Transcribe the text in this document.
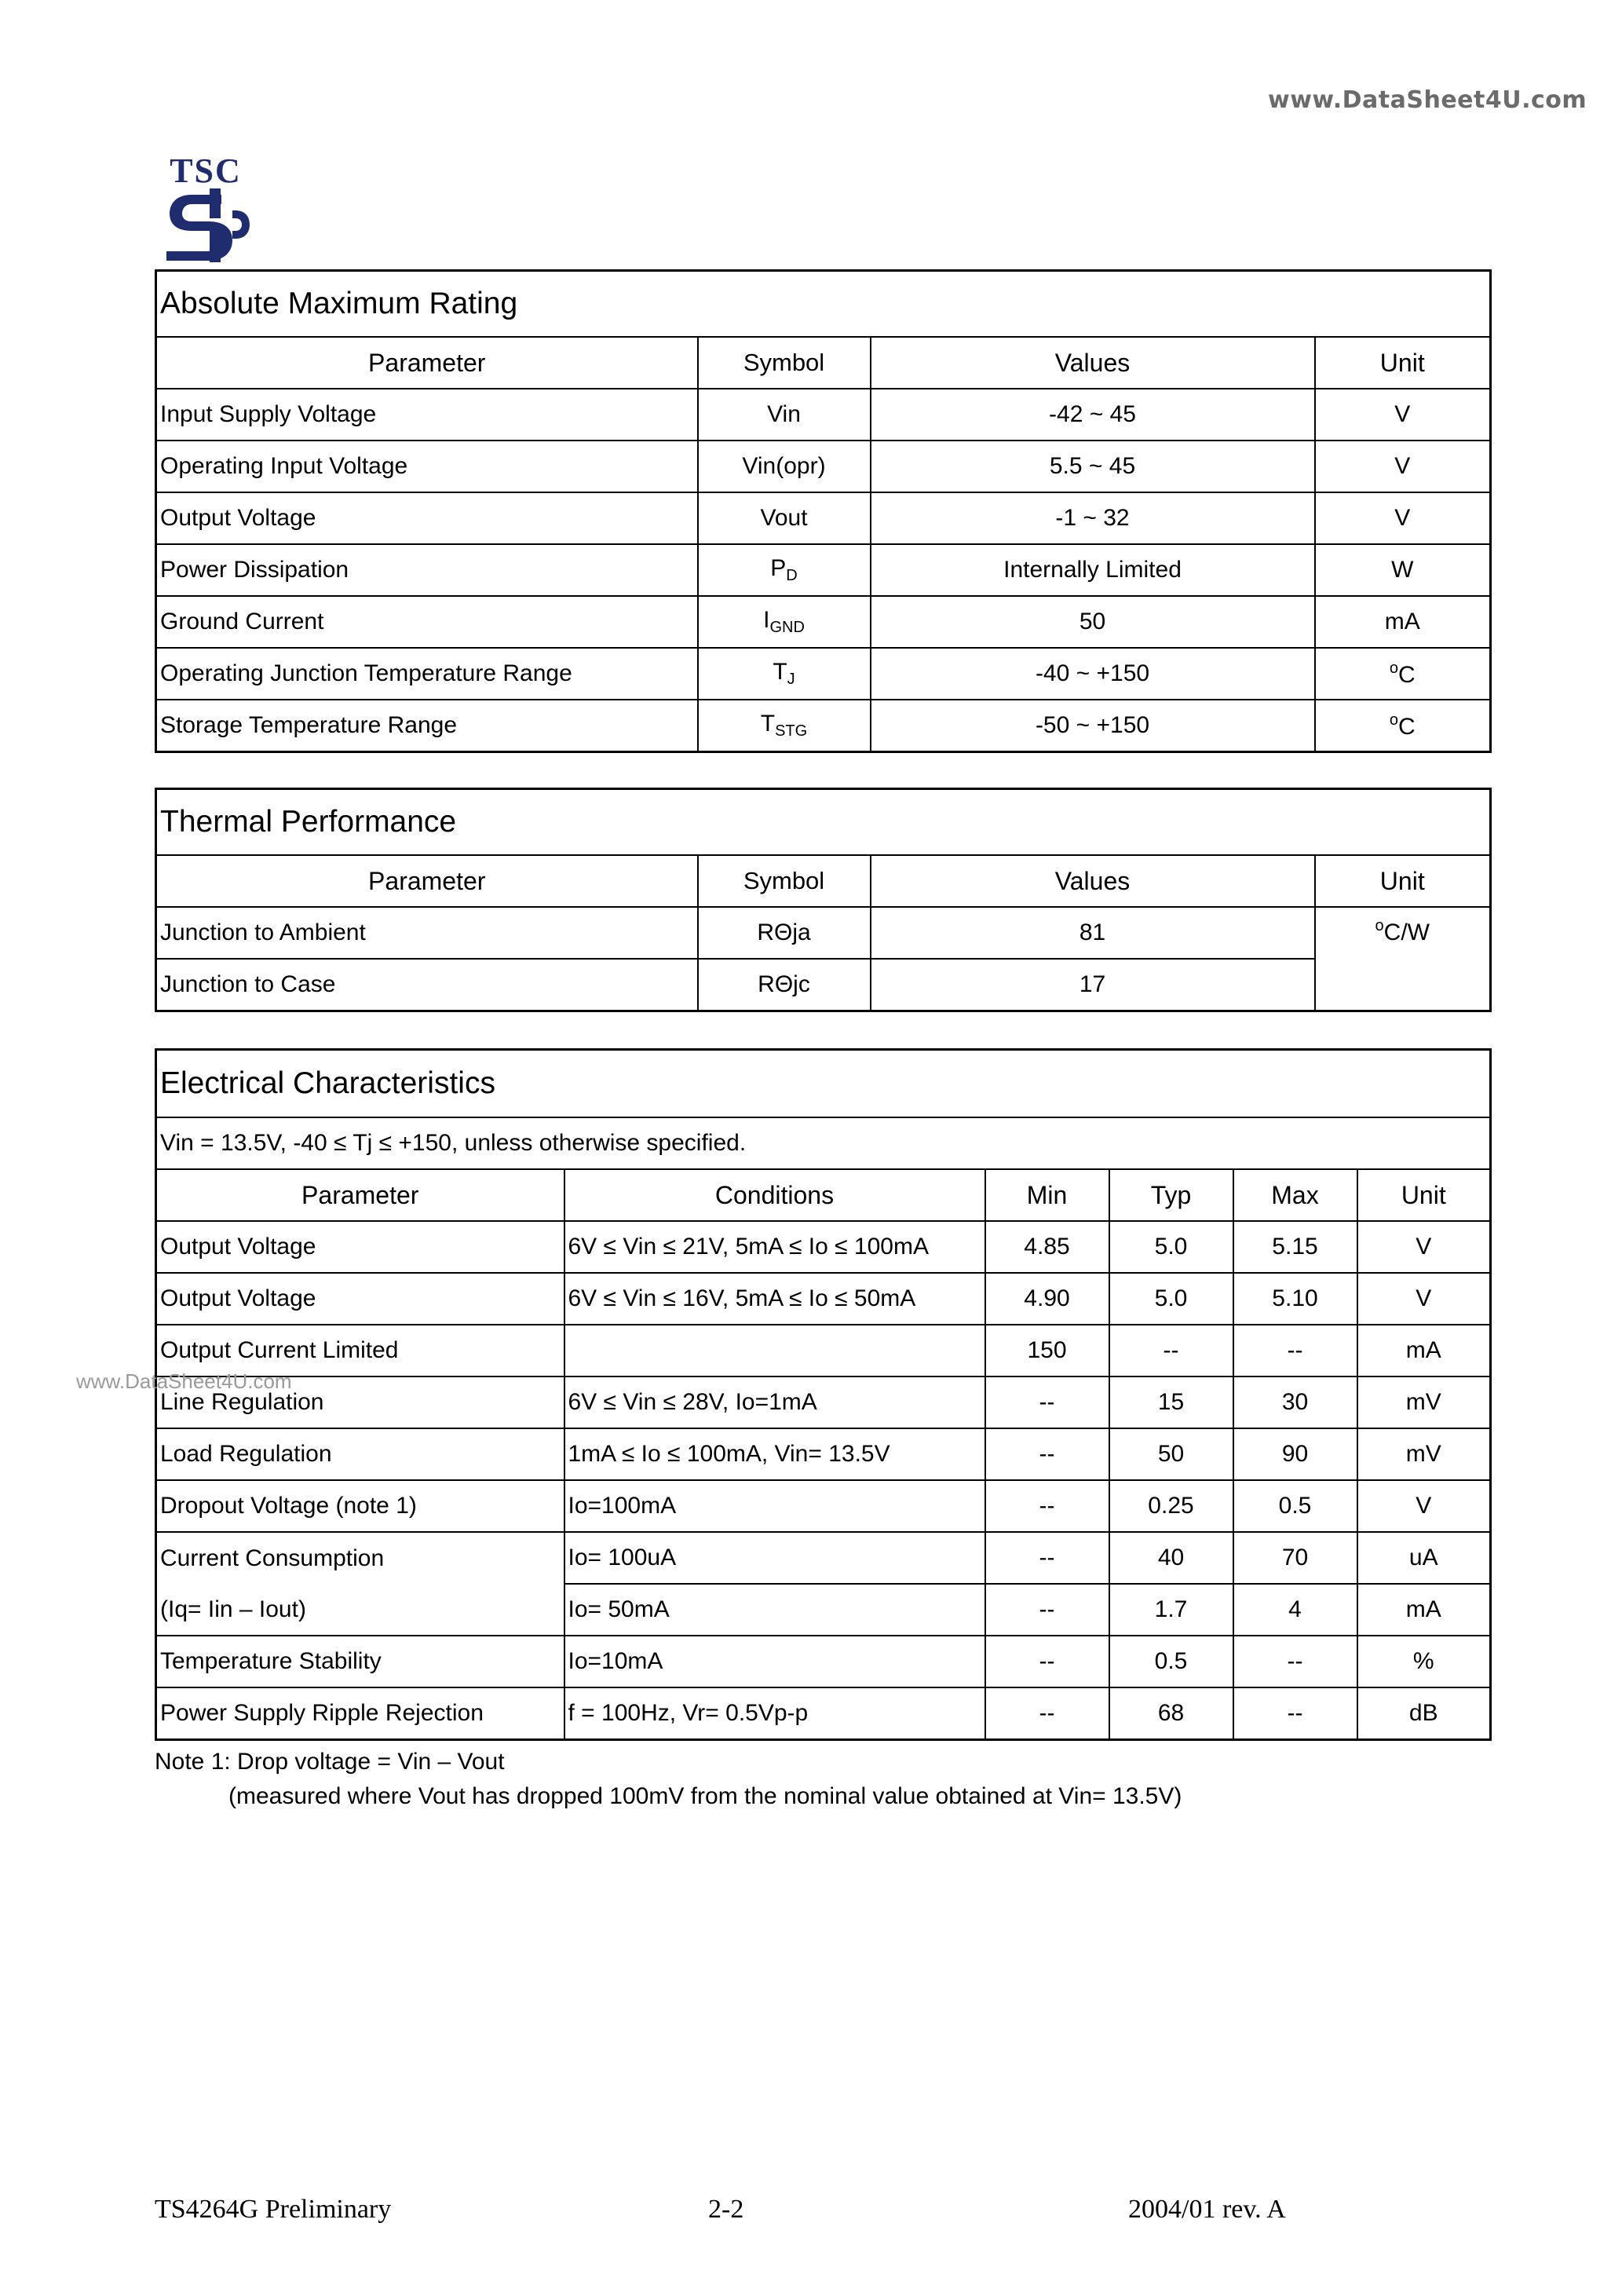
www.DataSheet4U.com
TSC
Absolute Maximum Rating			
Parameter	Symbol	Values	Unit
Input Supply Voltage	Vin	-42 ~ 45	V
Operating Input Voltage	Vin(opr)	5.5 ~ 45	V
Output Voltage	Vout	-1 ~ 32	V
Power Dissipation	$P_D$	Internally Limited	W
Ground Current	$I_{GND}$	50	mA
Operating Junction Temperature Range	$T_J$	-40 ~ +150	$^o$C
Storage Temperature Range	$T_{STG}$	-50 ~ +150	$^o$C
Thermal Performance			
Parameter	Symbol	Values	Unit
Junction to Ambient	RΘja	81	$^o$C/W
Junction to Case	RΘjc	17	
Electrical Characteristics					
Vin = 13.5V, -40 ≤ Tj ≤ +150, unless otherwise specified.					
Parameter	Conditions	Min	Typ	Max	Unit
Output Voltage	6V ≤ Vin ≤ 21V, 5mA ≤ Io ≤ 100mA	4.85	5.0	5.15	V
Output Voltage	6V ≤ Vin ≤ 16V, 5mA ≤ Io ≤ 50mA	4.90	5.0	5.10	V
Output Current Limited		150	--	--	mA
Line Regulation	6V ≤ Vin ≤ 28V, Io=1mA	--	15	30	mV
Load Regulation	1mA ≤ Io ≤ 100mA, Vin= 13.5V	--	50	90	mV
Dropout Voltage (note 1)	Io=100mA	--	0.25	0.5	V
Current Consumption	Io= 100uA	--	40	70	uA
(Iq= Iin – Iout)	Io= 50mA	--	1.7	4	mA
Temperature Stability	Io=10mA	--	0.5	--	%
Power Supply Ripple Rejection	f = 100Hz, Vr= 0.5Vp-p	--	68	--	dB
www.DataSheet4U.com
Note 1: Drop voltage = Vin – Vout
(measured where Vout has dropped 100mV from the nominal value obtained at Vin= 13.5V)
TS4264G Preliminary	2-2	2004/01 rev. A
